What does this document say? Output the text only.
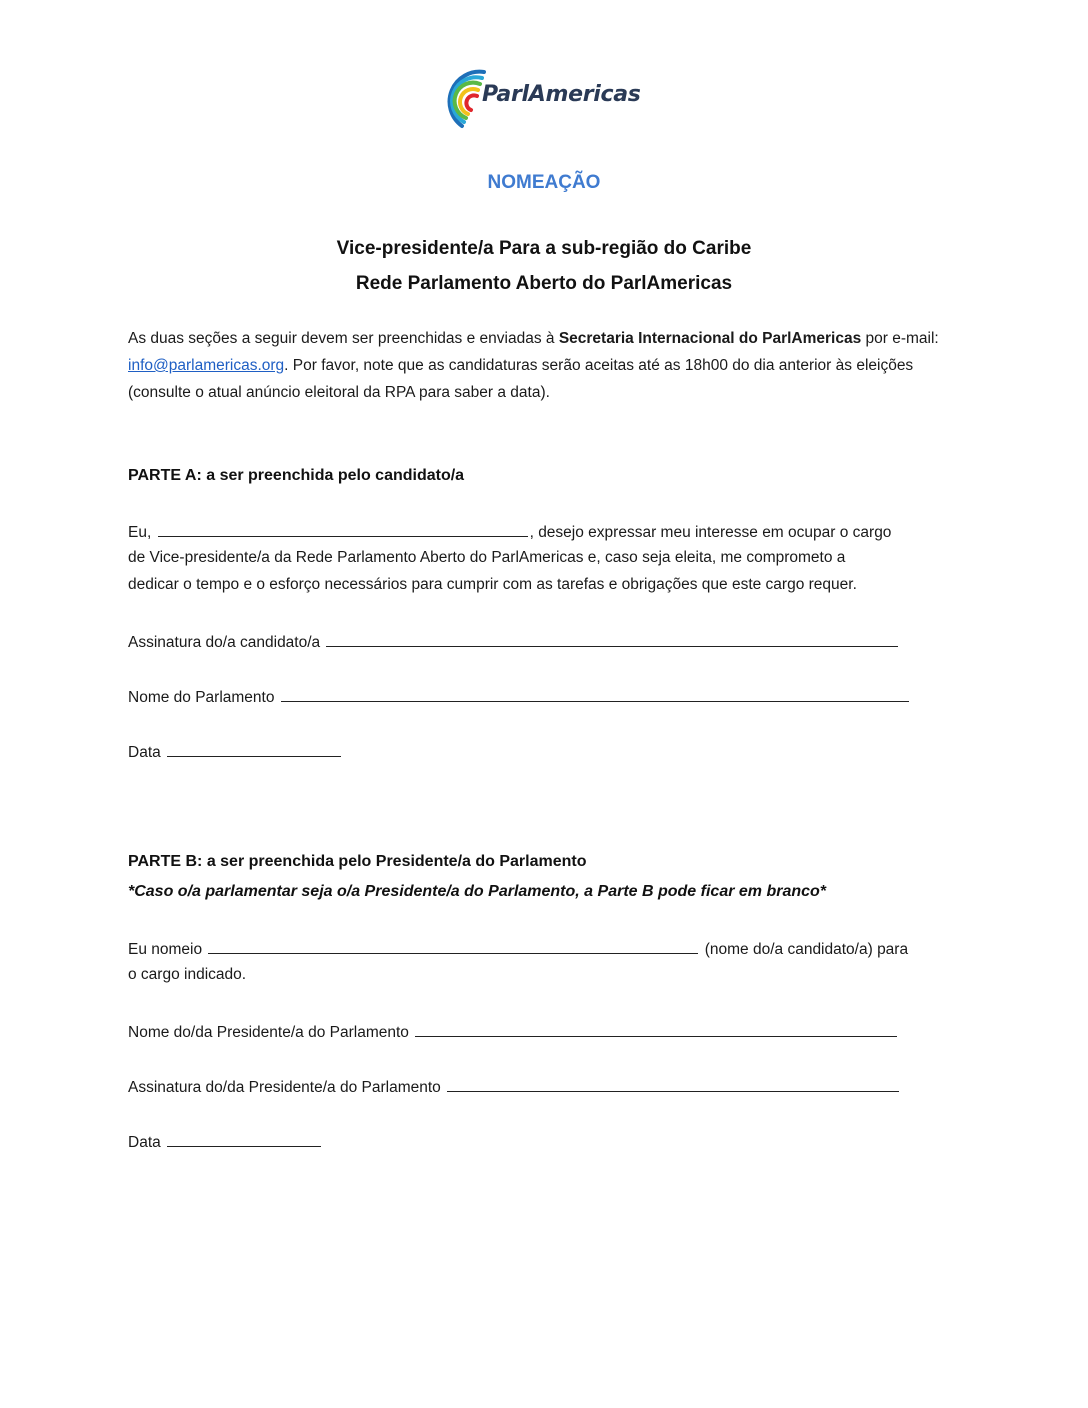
ParlAmericas
NOMEAÇÃO
Vice-presidente/a Para a sub-região do Caribe
Rede Parlamento Aberto do ParlAmericas
As duas seções a seguir devem ser preenchidas e enviadas à Secretaria Internacional do ParlAmericas por e-mail: info@parlamericas.org. Por favor, note que as candidaturas serão aceitas até as 18h00 do dia anterior às eleições (consulte o atual anúncio eleitoral da RPA para saber a data).
PARTE A: a ser preenchida pelo candidato/a
Eu,	, desejo expressar meu interesse em ocupar o cargo
de Vice-presidente/a da Rede Parlamento Aberto do ParlAmericas e, caso seja eleita, me comprometo a
dedicar o tempo e o esforço necessários para cumprir com as tarefas e obrigações que este cargo requer.
Assinatura do/a candidato/a
Nome do Parlamento
Data
PARTE B: a ser preenchida pelo Presidente/a do Parlamento
*Caso o/a parlamentar seja o/a Presidente/a do Parlamento, a Parte B pode ficar em branco*
Eu nomeio	(nome do/a candidato/a) para
o cargo indicado.
Nome do/da Presidente/a do Parlamento
Assinatura do/da Presidente/a do Parlamento
Data
